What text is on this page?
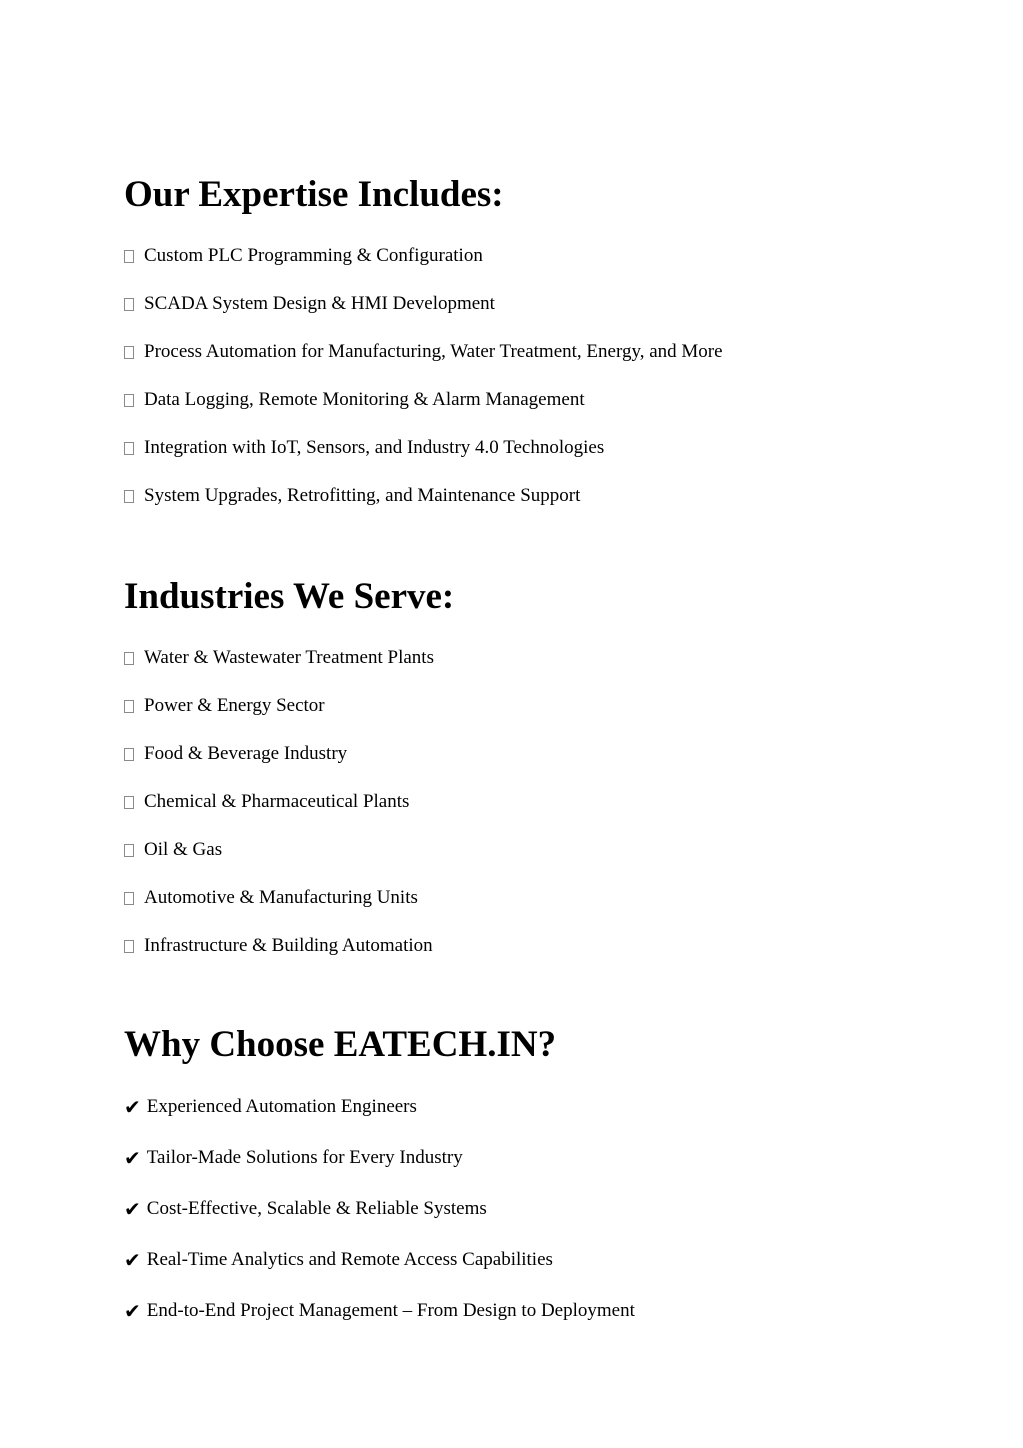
Our Expertise Includes:
Custom PLC Programming & Configuration
SCADA System Design & HMI Development
Process Automation for Manufacturing, Water Treatment, Energy, and More
Data Logging, Remote Monitoring & Alarm Management
Integration with IoT, Sensors, and Industry 4.0 Technologies
System Upgrades, Retrofitting, and Maintenance Support
Industries We Serve:
Water & Wastewater Treatment Plants
Power & Energy Sector
Food & Beverage Industry
Chemical & Pharmaceutical Plants
Oil & Gas
Automotive & Manufacturing Units
Infrastructure & Building Automation
Why Choose EATECH.IN?
✔ Experienced Automation Engineers
✔ Tailor-Made Solutions for Every Industry
✔ Cost-Effective, Scalable & Reliable Systems
✔ Real-Time Analytics and Remote Access Capabilities
✔ End-to-End Project Management – From Design to Deployment
